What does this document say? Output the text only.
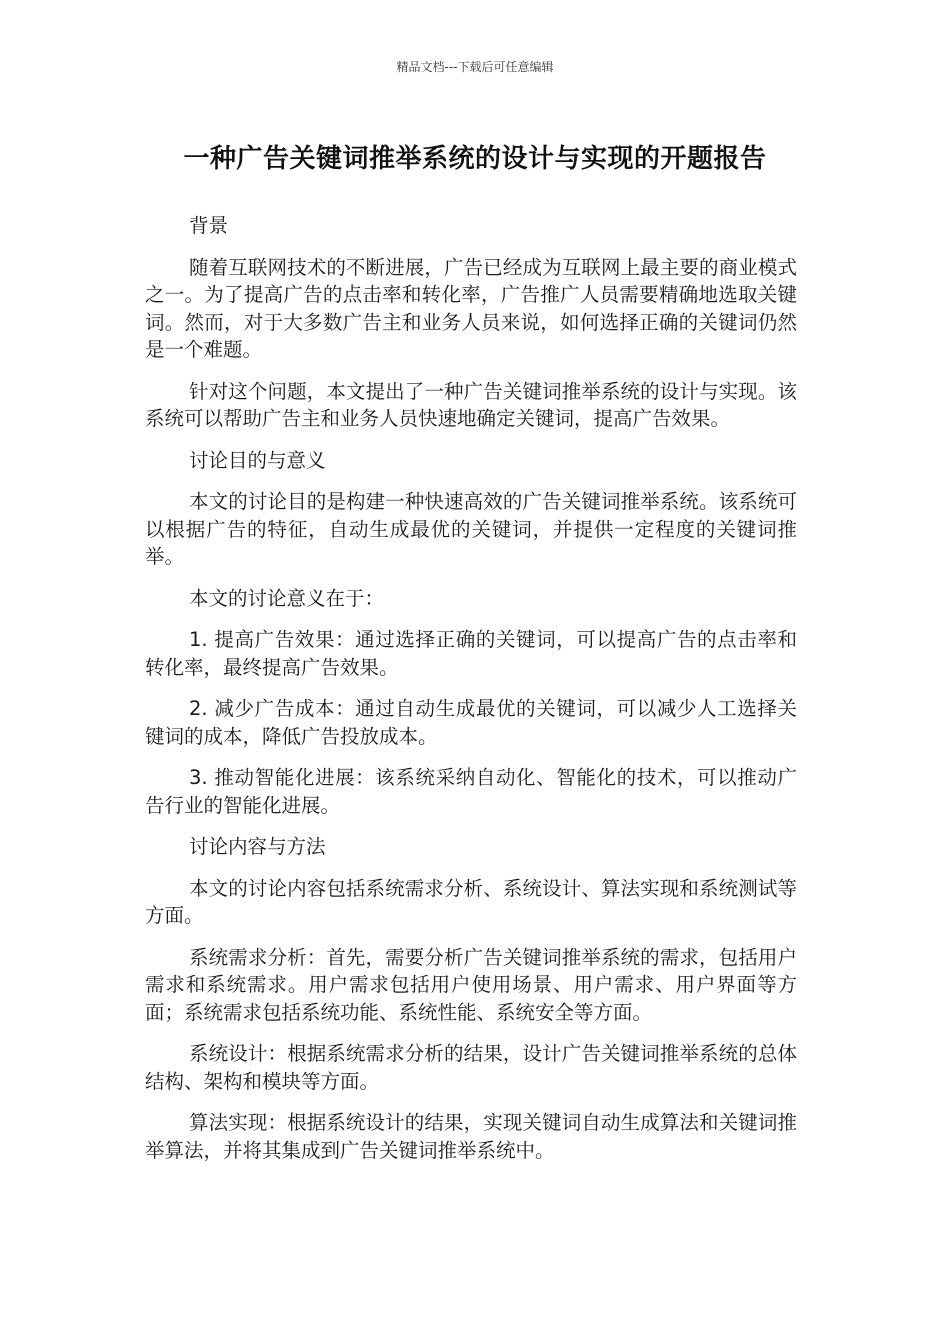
精品文档---下载后可任意编辑
一种广告关键词推举系统的设计与实现的开题报告

背景

随着互联网技术的不断进展，广告已经成为互联网上最主要的商业模式之一。为了提高广告的点击率和转化率，广告推广人员需要精确地选取关键词。然而，对于大多数广告主和业务人员来说，如何选择正确的关键词仍然是一个难题。

针对这个问题，本文提出了一种广告关键词推举系统的设计与实现。该系统可以帮助广告主和业务人员快速地确定关键词，提高广告效果。

讨论目的与意义

本文的讨论目的是构建一种快速高效的广告关键词推举系统。该系统可以根据广告的特征，自动生成最优的关键词，并提供一定程度的关键词推举。

本文的讨论意义在于：

1. 提高广告效果：通过选择正确的关键词，可以提高广告的点击率和转化率，最终提高广告效果。

2. 减少广告成本：通过自动生成最优的关键词，可以减少人工选择关键词的成本，降低广告投放成本。

3. 推动智能化进展：该系统采纳自动化、智能化的技术，可以推动广告行业的智能化进展。

讨论内容与方法

本文的讨论内容包括系统需求分析、系统设计、算法实现和系统测试等方面。

系统需求分析：首先，需要分析广告关键词推举系统的需求，包括用户需求和系统需求。用户需求包括用户使用场景、用户需求、用户界面等方面；系统需求包括系统功能、系统性能、系统安全等方面。

系统设计：根据系统需求分析的结果，设计广告关键词推举系统的总体结构、架构和模块等方面。

算法实现：根据系统设计的结果，实现关键词自动生成算法和关键词推举算法，并将其集成到广告关键词推举系统中。
